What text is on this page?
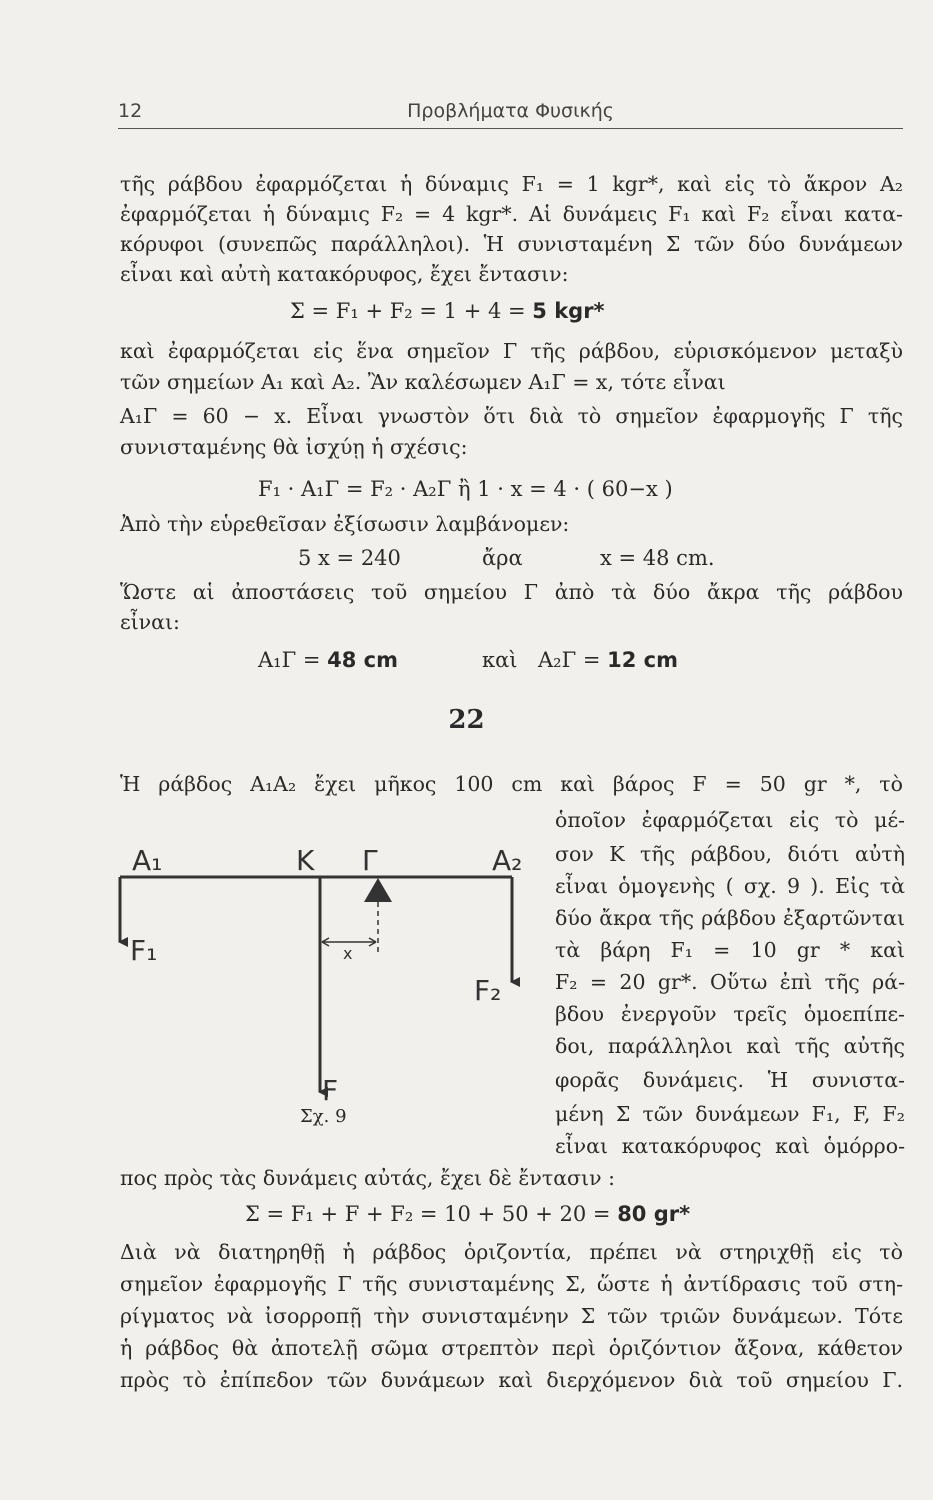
12	Προβλήματα Φυσικής
τῆς ράβδου ἐφαρμόζεται ἡ δύναμις F₁ = 1 kgr*, καὶ εἰς τὸ ἄκρον A₂
ἐφαρμόζεται ἡ δύναμις F₂ = 4 kgr*. Αἱ δυνάμεις F₁ καὶ F₂ εἶναι κατα-
κόρυφοι (συνεπῶς παράλληλοι). Ἡ συνισταμένη Σ τῶν δύο δυνάμεων
εἶναι καὶ αὐτὴ κατακόρυφος, ἔχει ἔντασιν:
Σ = F₁ + F₂ = 1 + 4 = 5 kgr*
καὶ ἐφαρμόζεται εἰς ἕνα σημεῖον Γ τῆς ράβδου, εὑρισκόμενον μεταξὺ
τῶν σημείων A₁ καὶ A₂. Ἂν καλέσωμεν A₁Γ = x, τότε εἶναι
A₁Γ = 60 − x. Εἶναι γνωστὸν ὅτι διὰ τὸ σημεῖον ἐφαρμογῆς Γ τῆς
συνισταμένης θὰ ἰσχύῃ ἡ σχέσις:
F₁ · A₁Γ = F₂ · A₂Γ ἢ 1 · x = 4 · ( 60−x )
Ἀπὸ τὴν εὑρεθεῖσαν ἐξίσωσιν λαμβάνομεν:
5 x = 240	ἄρα	x = 48 cm.
Ὥστε αἱ ἀποστάσεις τοῦ σημείου Γ ἀπὸ τὰ δύο ἄκρα τῆς ράβδου
εἶναι:
A₁Γ = 48 cm	καὶ A₂Γ = 12 cm
22
Ἡ ράβδος A₁A₂ ἔχει μῆκος 100 cm καὶ βάρος F = 50 gr *, τὸ
ὁποῖον ἐφαρμόζεται εἰς τὸ μέ-
σον K τῆς ράβδου, διότι αὐτὴ
εἶναι ὁμογενὴς ( σχ. 9 ). Εἰς τὰ
δύο ἄκρα τῆς ράβδου ἐξαρτῶνται
τὰ βάρη F₁ = 10 gr * καὶ
F₂ = 20 gr*. Οὕτω ἐπὶ τῆς ρά-
βδου ἐνεργοῦν τρεῖς ὁμοεπίπε-
δοι, παράλληλοι καὶ τῆς αὐτῆς
φορᾶς δυνάμεις. Ἡ συνιστα-
μένη Σ τῶν δυνάμεων F₁, F, F₂
εἶναι κατακόρυφος καὶ ὁμόρρο-
πος πρὸς τὰς δυνάμεις αὐτάς, ἔχει δὲ ἔντασιν :
Σ = F₁ + F + F₂ = 10 + 50 + 20 = 80 gr*
Διὰ νὰ διατηρηθῇ ἡ ράβδος ὁριζοντία, πρέπει νὰ στηριχθῇ εἰς τὸ
σημεῖον ἐφαρμογῆς Γ τῆς συνισταμένης Σ, ὥστε ἡ ἀντίδρασις τοῦ στη-
ρίγματος νὰ ἰσορροπῇ τὴν συνισταμένην Σ τῶν τριῶν δυνάμεων. Τότε
ἡ ράβδος θὰ ἀποτελῇ σῶμα στρεπτὸν περὶ ὁριζόντιον ἄξονα, κάθετον
πρὸς τὸ ἐπίπεδον τῶν δυνάμεων καὶ διερχόμενον διὰ τοῦ σημείου Γ.
A₁	K Γ	A₂
F₁
F₂
F
x
Σχ. 9
